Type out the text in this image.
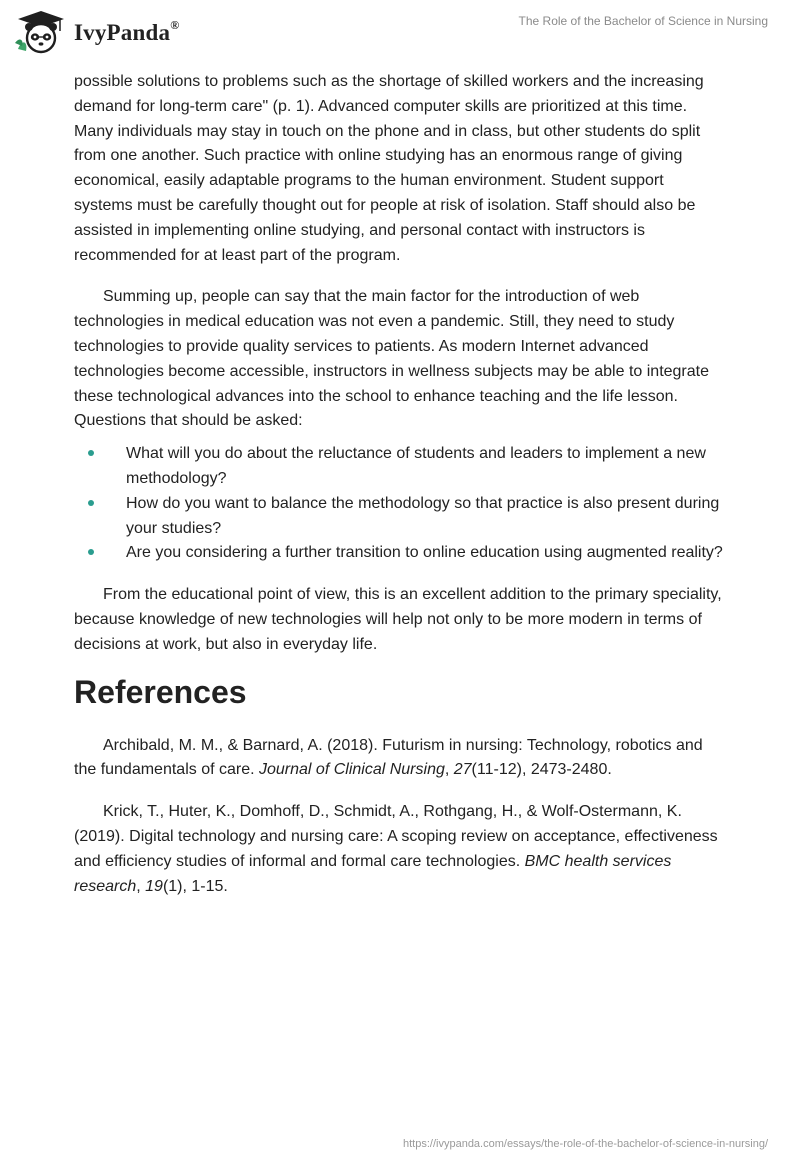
IvyPanda®	The Role of the Bachelor of Science in Nursing

possible solutions to problems such as the shortage of skilled workers and the increasing demand for long-term care" (p. 1). Advanced computer skills are prioritized at this time. Many individuals may stay in touch on the phone and in class, but other students do split from one another. Such practice with online studying has an enormous range of giving economical, easily adaptable programs to the human environment. Student support systems must be carefully thought out for people at risk of isolation. Staff should also be assisted in implementing online studying, and personal contact with instructors is recommended for at least part of the program.

Summing up, people can say that the main factor for the introduction of web technologies in medical education was not even a pandemic. Still, they need to study technologies to provide quality services to patients. As modern Internet advanced technologies become accessible, instructors in wellness subjects may be able to integrate these technological advances into the school to enhance teaching and the life lesson. Questions that should be asked:

What will you do about the reluctance of students and leaders to implement a new methodology?
How do you want to balance the methodology so that practice is also present during your studies?
Are you considering a further transition to online education using augmented reality?

From the educational point of view, this is an excellent addition to the primary speciality, because knowledge of new technologies will help not only to be more modern in terms of decisions at work, but also in everyday life.

References

Archibald, M. M., & Barnard, A. (2018). Futurism in nursing: Technology, robotics and the fundamentals of care. Journal of Clinical Nursing, 27(11-12), 2473-2480.

Krick, T., Huter, K., Domhoff, D., Schmidt, A., Rothgang, H., & Wolf-Ostermann, K. (2019). Digital technology and nursing care: A scoping review on acceptance, effectiveness and efficiency studies of informal and formal care technologies. BMC health services research, 19(1), 1-15.

https://ivypanda.com/essays/the-role-of-the-bachelor-of-science-in-nursing/
